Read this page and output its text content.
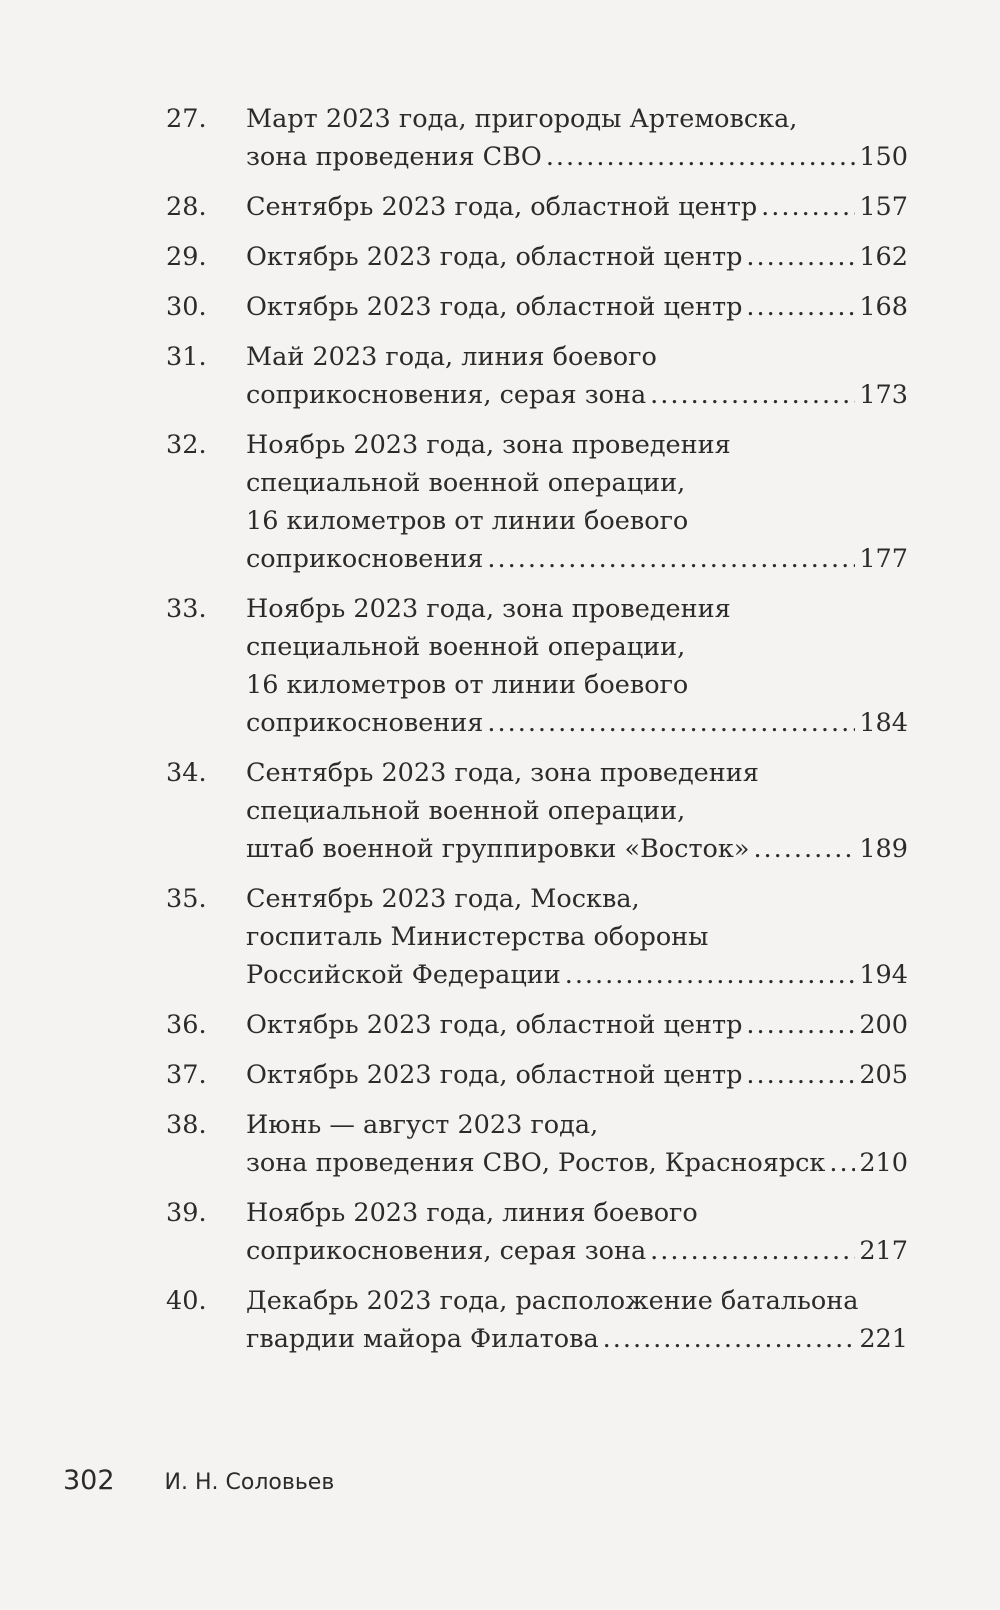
27. Март 2023 года, пригороды Артемовска,
зона проведения СВО .....	150
28. Сентябрь 2023 года, областной центр .....	157
29. Октябрь 2023 года, областной центр .....	162
30. Октябрь 2023 года, областной центр .....	168
31. Май 2023 года, линия боевого
соприкосновения, серая зона .....	173
32. Ноябрь 2023 года, зона проведения
специальной военной операции,
16 километров от линии боевого
соприкосновения .....	177
33. Ноябрь 2023 года, зона проведения
специальной военной операции,
16 километров от линии боевого
соприкосновения .....	184
34. Сентябрь 2023 года, зона проведения
специальной военной операции,
штаб военной группировки «Восток» .....	189
35. Сентябрь 2023 года, Москва,
госпиталь Министерства обороны
Российской Федерации .....	194
36. Октябрь 2023 года, областной центр .....	200
37. Октябрь 2023 года, областной центр .....	205
38. Июнь — август 2023 года,
зона проведения СВО, Ростов, Красноярск ..... 210
39. Ноябрь 2023 года, линия боевого
соприкосновения, серая зона .....	217
40. Декабрь 2023 года, расположение батальона
гвардии майора Филатова .....	221
302 И. Н. Соловьев
